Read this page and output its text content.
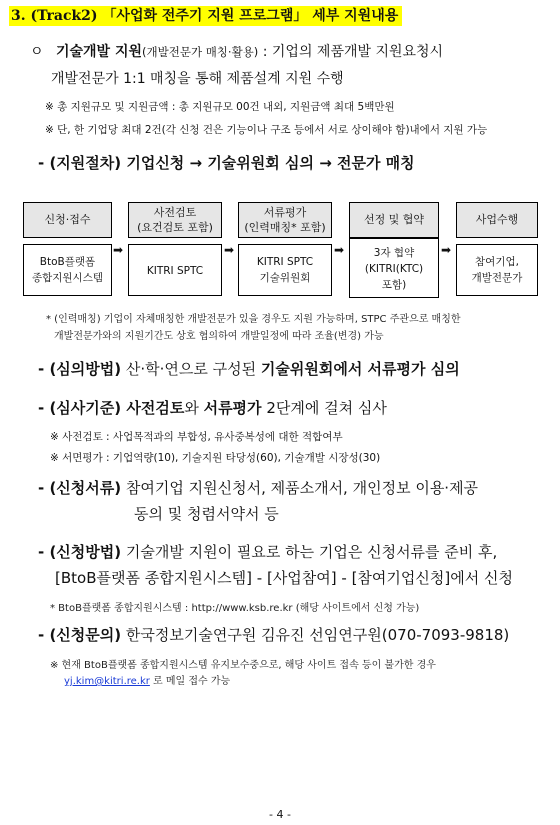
3. (Track2) 「사업화 전주기 지원 프로그램」 세부 지원내용
ㅇ 기술개발 지원(개발전문가 매칭·활용) : 기업의 제품개발 지원요청시
개발전문가 1:1 매칭을 통해 제품설계 지원 수행
※ 총 지원규모 및 지원금액 : 총 지원규모 00건 내외, 지원금액 최대 5백만원
※ 단, 한 기업당 최대 2건(각 신청 건은 기능이나 구조 등에서 서로 상이해야 함)내에서 지원 가능
- (지원절차) 기업신청 → 기술위원회 심의 → 전문가 매칭
신청·접수
BtoB플랫폼
종합지원시스템
➡
사전검토
(요건검토 포함)
KITRI SPTC
➡
서류평가
(인력매칭* 포함)
KITRI SPTC
기술위원회
➡
선정 및 협약
3자 협약
(KITRI(KTC)
포함)
➡
사업수행
참여기업,
개발전문가
* (인력매칭) 기업이 자체매칭한 개발전문가 있을 경우도 지원 가능하며, STPC 주관으로 매칭한
개발전문가와의 지원기간도 상호 협의하여 개발일정에 따라 조율(변경) 가능
- (심의방법) 산·학·연으로 구성된 기술위원회에서 서류평가 심의
- (심사기준) 사전검토와 서류평가 2단계에 걸쳐 심사
※ 사전검토 : 사업목적과의 부합성, 유사중복성에 대한 적합여부
※ 서면평가 : 기업역량(10), 기술지원 타당성(60), 기술개발 시장성(30)
- (신청서류) 참여기업 지원신청서, 제품소개서, 개인정보 이용·제공
동의 및 청렴서약서 등
- (신청방법) 기술개발 지원이 필요로 하는 기업은 신청서류를 준비 후,
[BtoB플랫폼 종합지원시스템] - [사업참여] - [참여기업신청]에서 신청
* BtoB플랫폼 종합지원시스템 : http://www.ksb.re.kr (해당 사이트에서 신청 가능)
- (신청문의) 한국정보기술연구원 김유진 선임연구원(070-7093-9818)
※ 현재 BtoB플랫폼 종합지원시스템 유지보수중으로, 해당 사이트 접속 등이 불가한 경우
yj.kim@kitri.re.kr 로 메일 접수 가능
- 4 -
